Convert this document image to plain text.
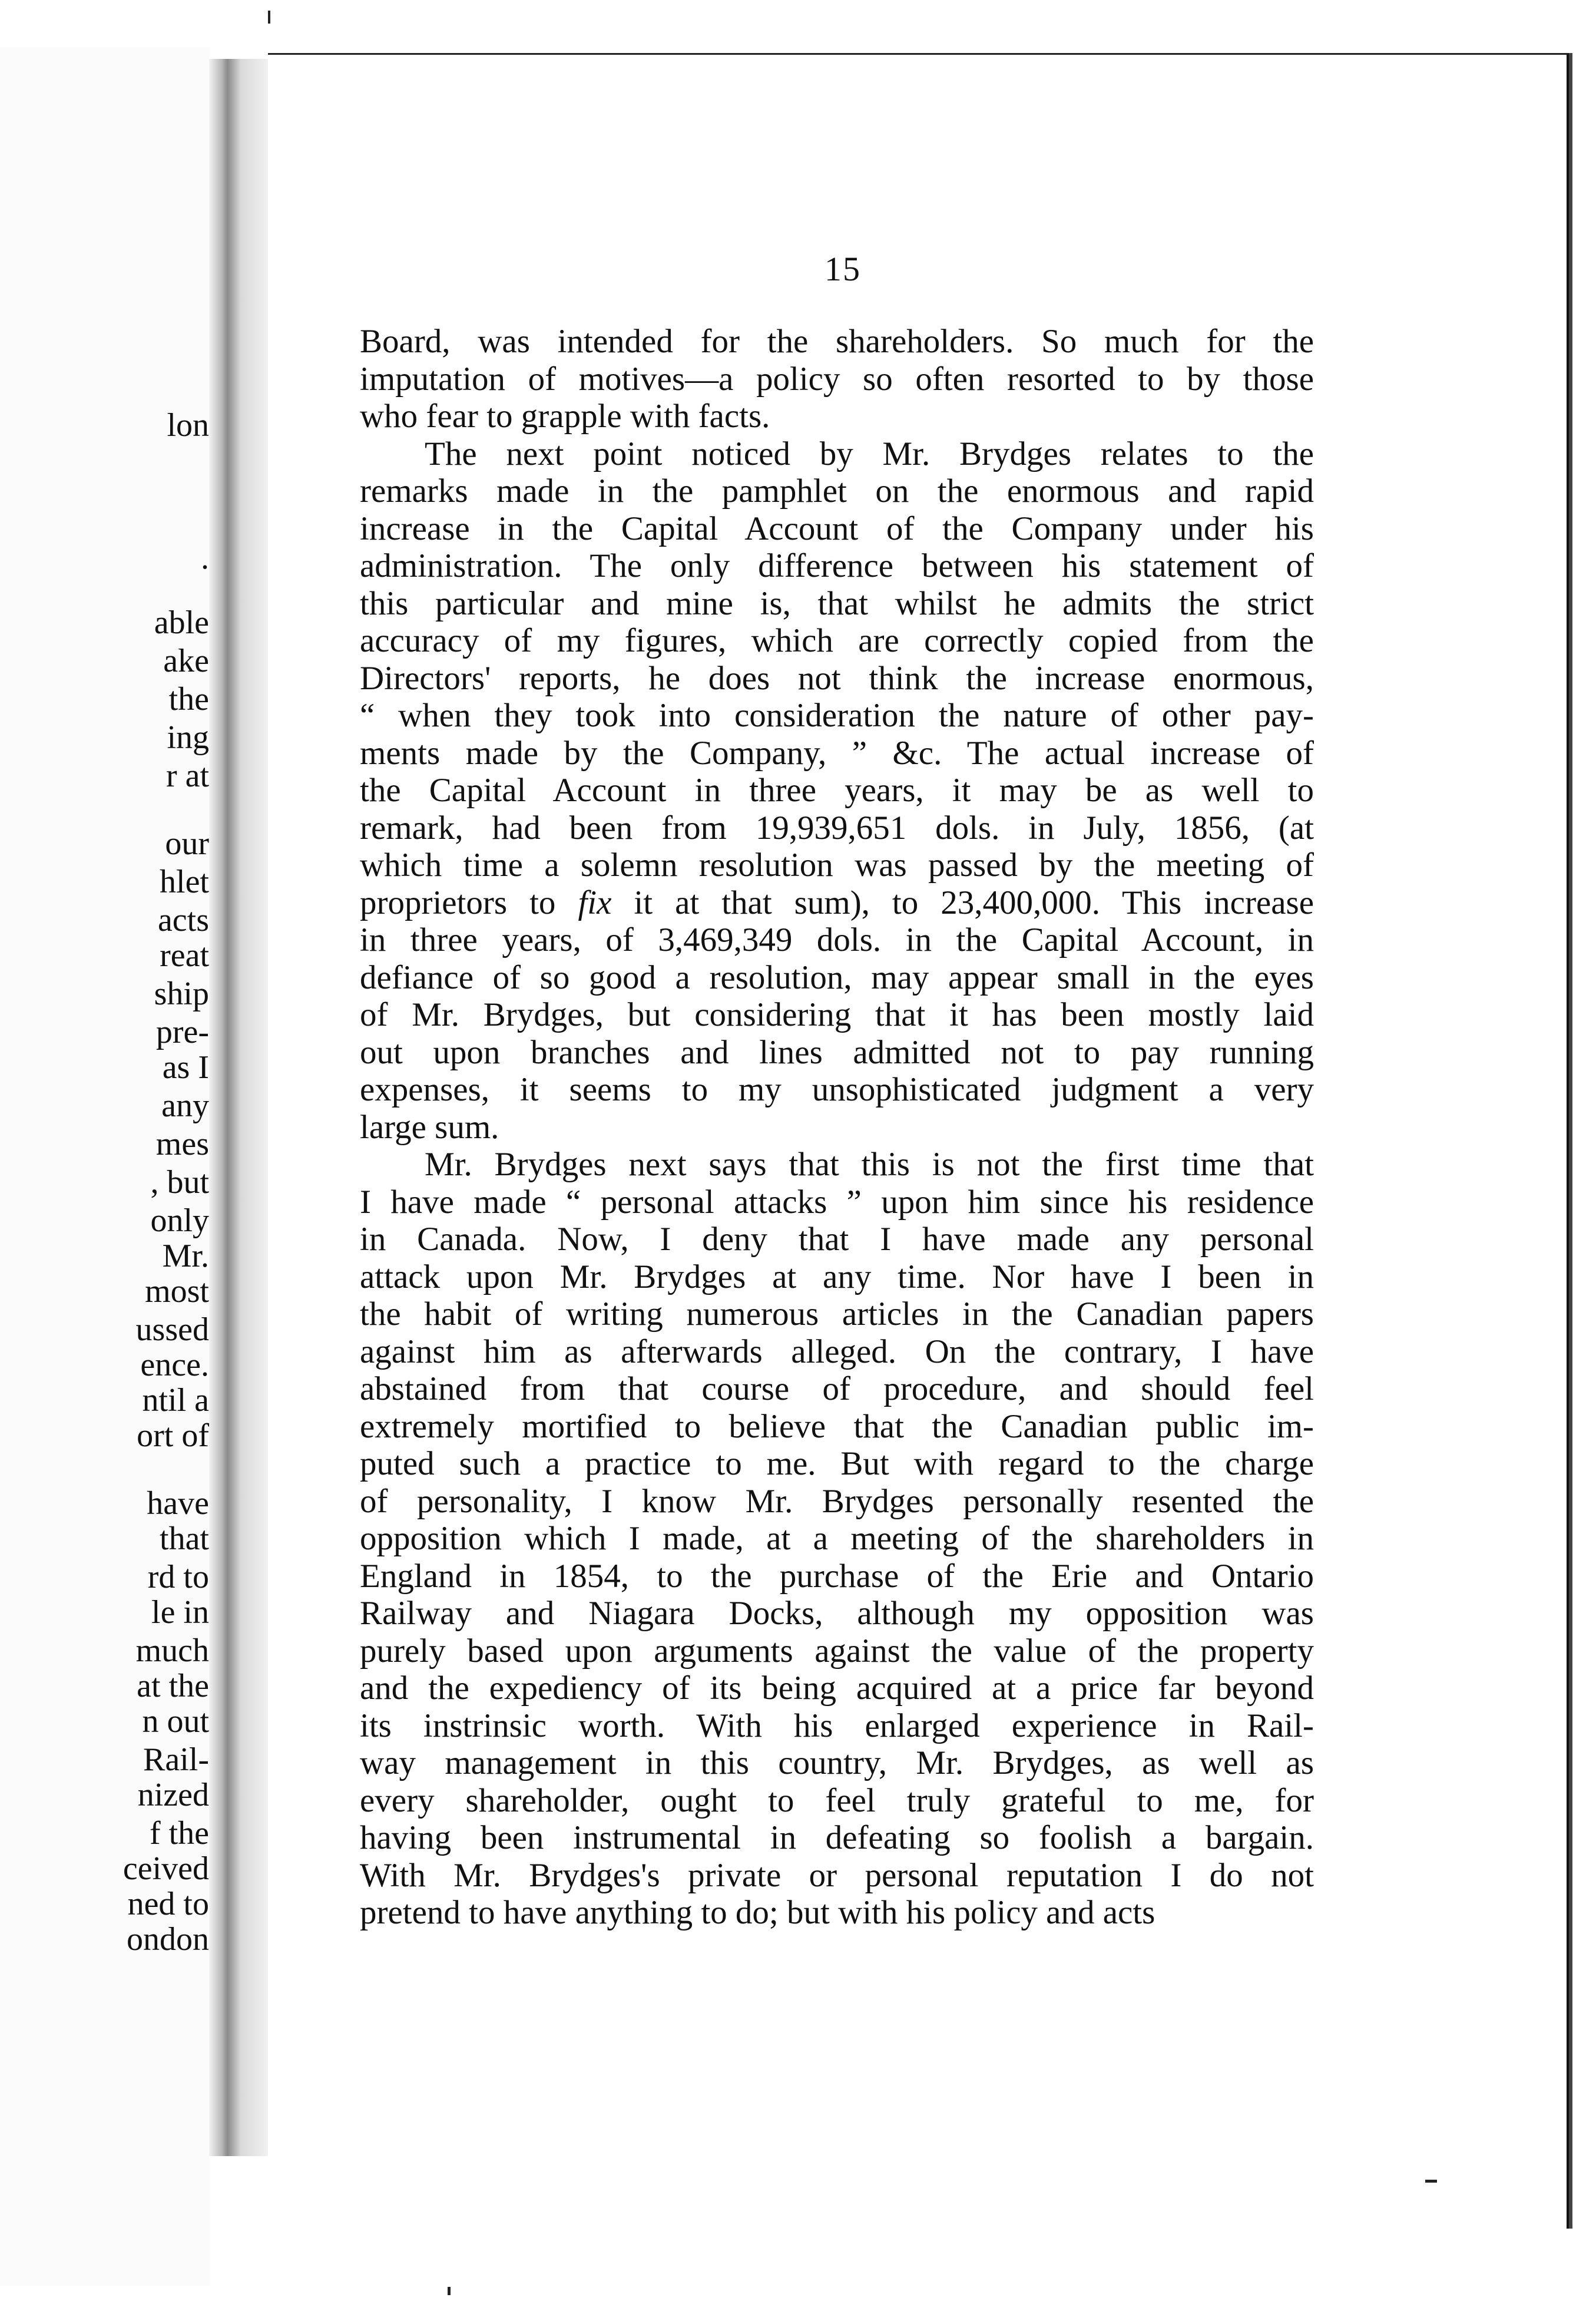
lon
.
able
ake
the
ing
r at
our
hlet
acts
reat
ship
pre-
as I
any
mes
, but
only
Mr.
most
ussed
ence.
ntil a
ort of
have
that
rd to
le in
much
at the
n out
Rail-
nized
f the
ceived
ned to
ondon
15
Board, was intended for the shareholders. So much for the
imputation of motives—a policy so often resorted to by those
who fear to grapple with facts.
The next point noticed by Mr. Brydges relates to the
remarks made in the pamphlet on the enormous and rapid
increase in the Capital Account of the Company under his
administration. The only difference between his statement of
this particular and mine is, that whilst he admits the strict
accuracy of my figures, which are correctly copied from the
Directors' reports, he does not think the increase enormous,
“ when they took into consideration the nature of other pay-
ments made by the Company, ” &c. The actual increase of
the Capital Account in three years, it may be as well to
remark, had been from 19,939,651 dols. in July, 1856, (at
which time a solemn resolution was passed by the meeting of
proprietors to fix it at that sum), to 23,400,000. This increase
in three years, of 3,469,349 dols. in the Capital Account, in
defiance of so good a resolution, may appear small in the eyes
of Mr. Brydges, but considering that it has been mostly laid
out upon branches and lines admitted not to pay running
expenses, it seems to my unsophisticated judgment a very
large sum.
Mr. Brydges next says that this is not the first time that
I have made “ personal attacks ” upon him since his residence
in Canada. Now, I deny that I have made any personal
attack upon Mr. Brydges at any time. Nor have I been in
the habit of writing numerous articles in the Canadian papers
against him as afterwards alleged. On the contrary, I have
abstained from that course of procedure, and should feel
extremely mortified to believe that the Canadian public im-
puted such a practice to me. But with regard to the charge
of personality, I know Mr. Brydges personally resented the
opposition which I made, at a meeting of the shareholders in
England in 1854, to the purchase of the Erie and Ontario
Railway and Niagara Docks, although my opposition was
purely based upon arguments against the value of the property
and the expediency of its being acquired at a price far beyond
its instrinsic worth. With his enlarged experience in Rail-
way management in this country, Mr. Brydges, as well as
every shareholder, ought to feel truly grateful to me, for
having been instrumental in defeating so foolish a bargain.
With Mr. Brydges's private or personal reputation I do not
pretend to have anything to do; but with his policy and acts
